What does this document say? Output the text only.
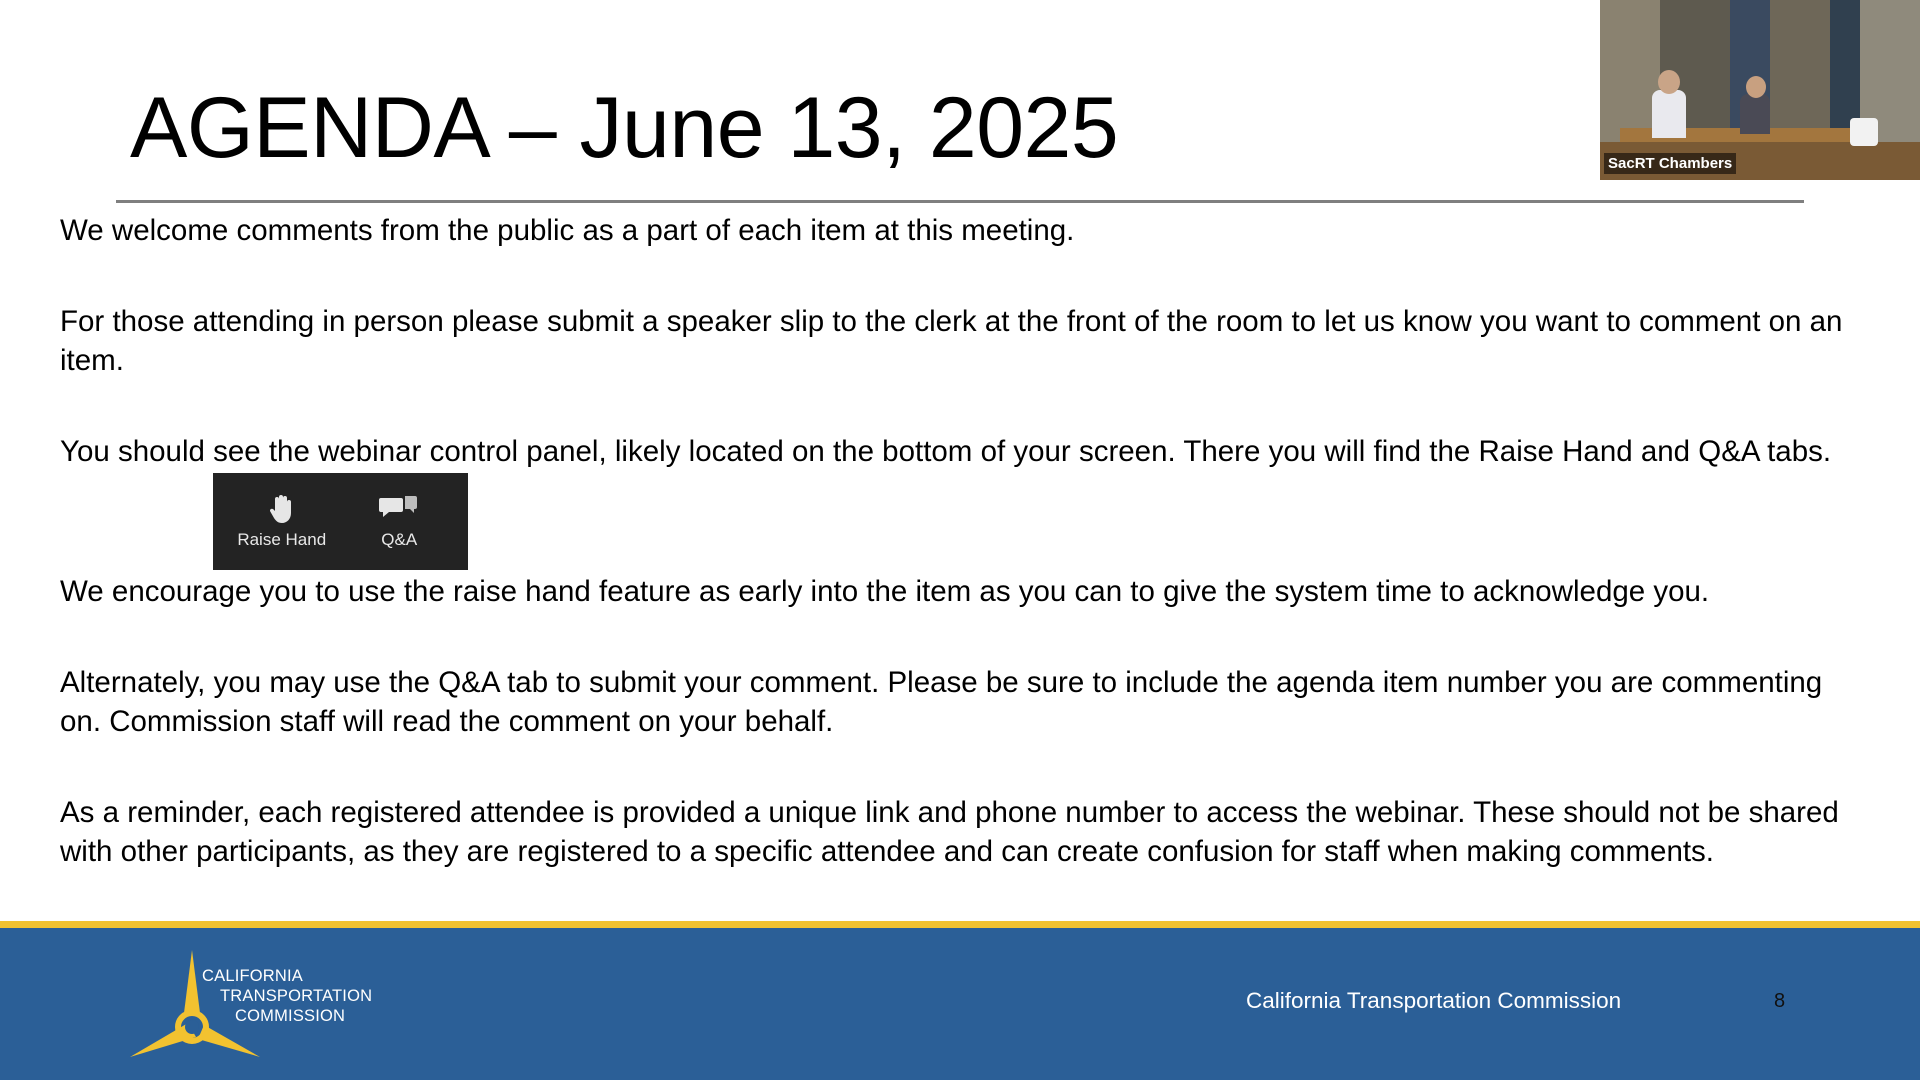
AGENDA – June 13, 2025
We welcome comments from the public as a part of each item at this meeting.
For those attending in person please submit a speaker slip to the clerk at the front of the room to let us know you want to comment on an item.
You should see the webinar control panel, likely located on the bottom of your screen. There you will find the Raise Hand and Q&A tabs.
We encourage you to use the raise hand feature as early into the item as you can to give the system time to acknowledge you.
Alternately, you may use the Q&A tab to submit your comment. Please be sure to include the agenda item number you are commenting on. Commission staff will read the comment on your behalf.
As a reminder, each registered attendee is provided a unique link and phone number to access the webinar. These should not be shared with other participants, as they are registered to a specific attendee and can create confusion for staff when making comments.
Raise Hand	Q&A
SacRT Chambers
CALIFORNIA
TRANSPORTATION
COMMISSION
California Transportation Commission	8
